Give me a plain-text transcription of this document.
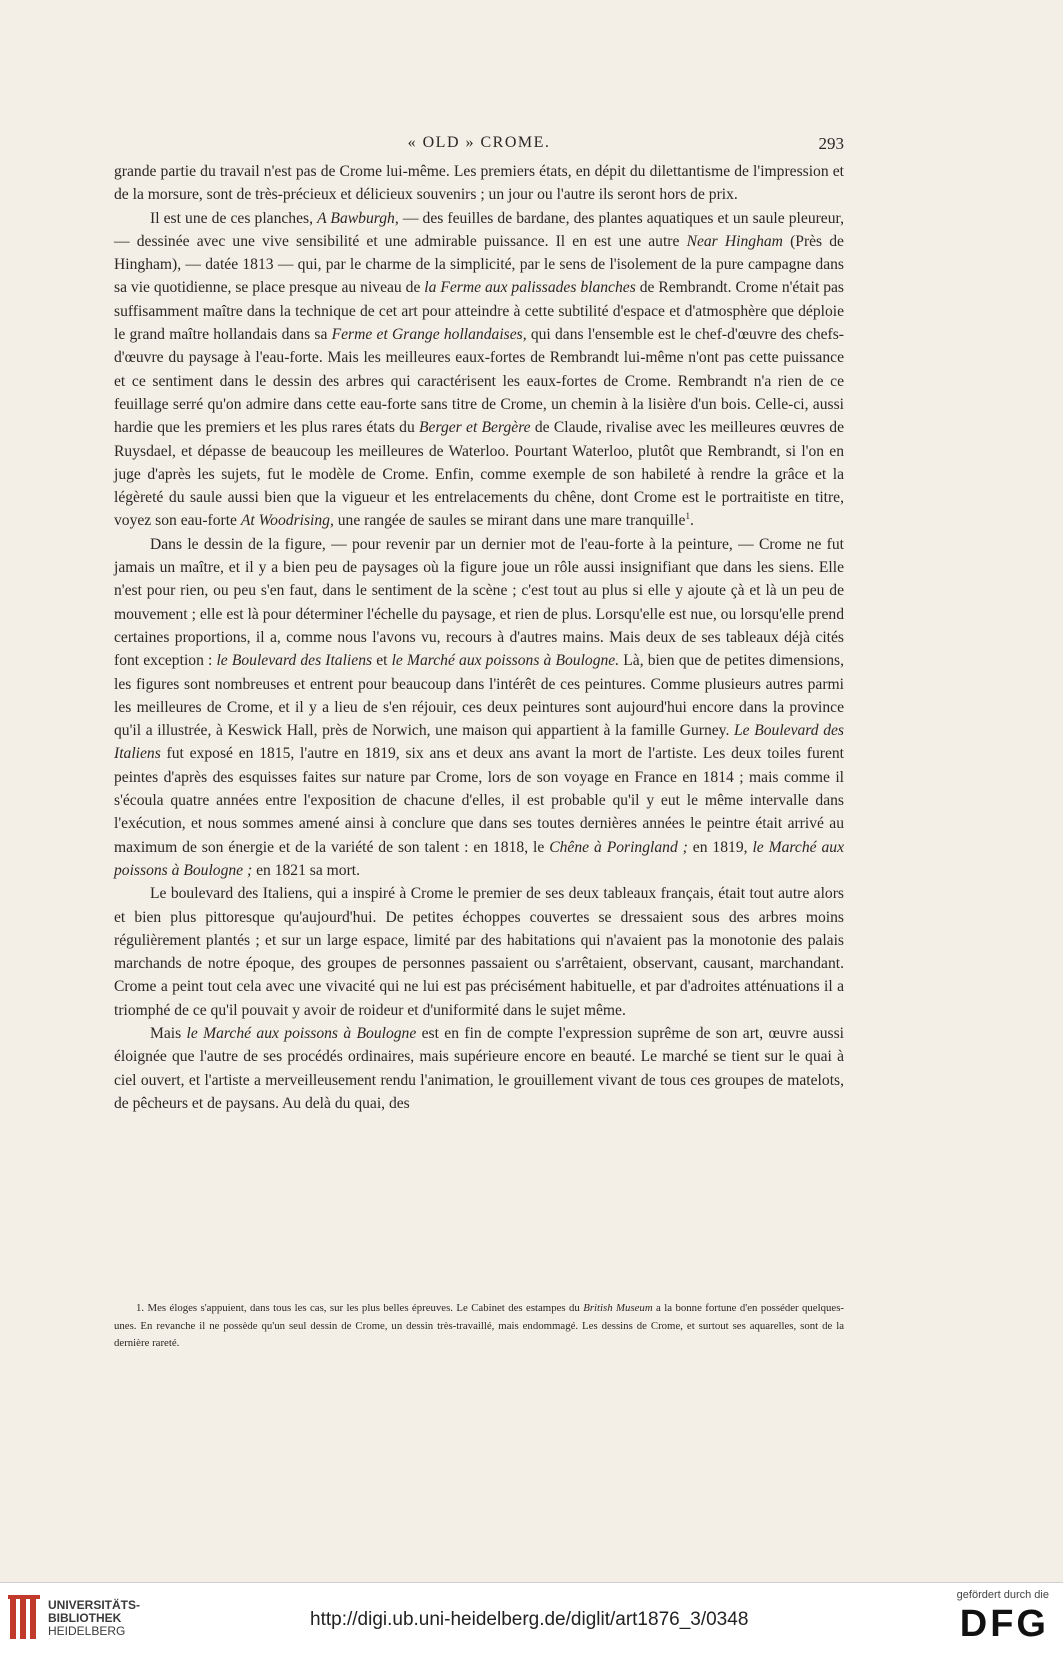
« OLD » CROME.	293

grande partie du travail n'est pas de Crome lui-même. Les premiers états, en dépit du dilettantisme de l'impression et de la morsure, sont de très-précieux et délicieux souvenirs ; un jour ou l'autre ils seront hors de prix.

Il est une de ces planches, A Bawburgh, — des feuilles de bardane, des plantes aquatiques et un saule pleureur, — dessinée avec une vive sensibilité et une admirable puissance. Il en est une autre Near Hingham (Près de Hingham), — datée 1813 — qui, par le charme de la simplicité, par le sens de l'isolement de la pure campagne dans sa vie quotidienne, se place presque au niveau de la Ferme aux palissades blanches de Rembrandt. Crome n'était pas suffisamment maître dans la technique de cet art pour atteindre à cette subtilité d'espace et d'atmosphère que déploie le grand maître hollandais dans sa Ferme et Grange hollandaises, qui dans l'ensemble est le chef-d'œuvre des chefs-d'œuvre du paysage à l'eau-forte. Mais les meilleures eaux-fortes de Rembrandt lui-même n'ont pas cette puissance et ce sentiment dans le dessin des arbres qui caractérisent les eaux-fortes de Crome. Rembrandt n'a rien de ce feuillage serré qu'on admire dans cette eau-forte sans titre de Crome, un chemin à la lisière d'un bois. Celle-ci, aussi hardie que les premiers et les plus rares états du Berger et Bergère de Claude, rivalise avec les meilleures œuvres de Ruysdael, et dépasse de beaucoup les meilleures de Waterloo. Pourtant Waterloo, plutôt que Rembrandt, si l'on en juge d'après les sujets, fut le modèle de Crome. Enfin, comme exemple de son habileté à rendre la grâce et la légèreté du saule aussi bien que la vigueur et les entrelacements du chêne, dont Crome est le portraitiste en titre, voyez son eau-forte At Woodrising, une rangée de saules se mirant dans une mare tranquille$^1$.

Dans le dessin de la figure, — pour revenir par un dernier mot de l'eau-forte à la peinture, — Crome ne fut jamais un maître, et il y a bien peu de paysages où la figure joue un rôle aussi insignifiant que dans les siens. Elle n'est pour rien, ou peu s'en faut, dans le sentiment de la scène ; c'est tout au plus si elle y ajoute çà et là un peu de mouvement ; elle est là pour déterminer l'échelle du paysage, et rien de plus. Lorsqu'elle est nue, ou lorsqu'elle prend certaines proportions, il a, comme nous l'avons vu, recours à d'autres mains. Mais deux de ses tableaux déjà cités font exception : le Boulevard des Italiens et le Marché aux poissons à Boulogne. Là, bien que de petites dimensions, les figures sont nombreuses et entrent pour beaucoup dans l'intérêt de ces peintures. Comme plusieurs autres parmi les meilleures de Crome, et il y a lieu de s'en réjouir, ces deux peintures sont aujourd'hui encore dans la province qu'il a illustrée, à Keswick Hall, près de Norwich, une maison qui appartient à la famille Gurney. Le Boulevard des Italiens fut exposé en 1815, l'autre en 1819, six ans et deux ans avant la mort de l'artiste. Les deux toiles furent peintes d'après des esquisses faites sur nature par Crome, lors de son voyage en France en 1814 ; mais comme il s'écoula quatre années entre l'exposition de chacune d'elles, il est probable qu'il y eut le même intervalle dans l'exécution, et nous sommes amené ainsi à conclure que dans ses toutes dernières années le peintre était arrivé au maximum de son énergie et de la variété de son talent : en 1818, le Chêne à Poringland ; en 1819, le Marché aux poissons à Boulogne ; en 1821 sa mort.

Le boulevard des Italiens, qui a inspiré à Crome le premier de ses deux tableaux français, était tout autre alors et bien plus pittoresque qu'aujourd'hui. De petites échoppes couvertes se dressaient sous des arbres moins régulièrement plantés ; et sur un large espace, limité par des habitations qui n'avaient pas la monotonie des palais marchands de notre époque, des groupes de personnes passaient ou s'arrêtaient, observant, causant, marchandant. Crome a peint tout cela avec une vivacité qui ne lui est pas précisément habituelle, et par d'adroites atténuations il a triomphé de ce qu'il pouvait y avoir de roideur et d'uniformité dans le sujet même.

Mais le Marché aux poissons à Boulogne est en fin de compte l'expression suprême de son art, œuvre aussi éloignée que l'autre de ses procédés ordinaires, mais supérieure encore en beauté. Le marché se tient sur le quai à ciel ouvert, et l'artiste a merveilleusement rendu l'animation, le grouillement vivant de tous ces groupes de matelots, de pêcheurs et de paysans. Au delà du quai, des

1. Mes éloges s'appuient, dans tous les cas, sur les plus belles épreuves. Le Cabinet des estampes du British Museum a la bonne fortune d'en posséder quelques-unes. En revanche il ne possède qu'un seul dessin de Crome, un dessin très-travaillé, mais endommagé. Les dessins de Crome, et surtout ses aquarelles, sont de la dernière rareté.

UNIVERSITÄTS-
BIBLIOTHEK
HEIDELBERG
http://digi.ub.uni-heidelberg.de/diglit/art1876_3/0348
gefördert durch die
DFG
